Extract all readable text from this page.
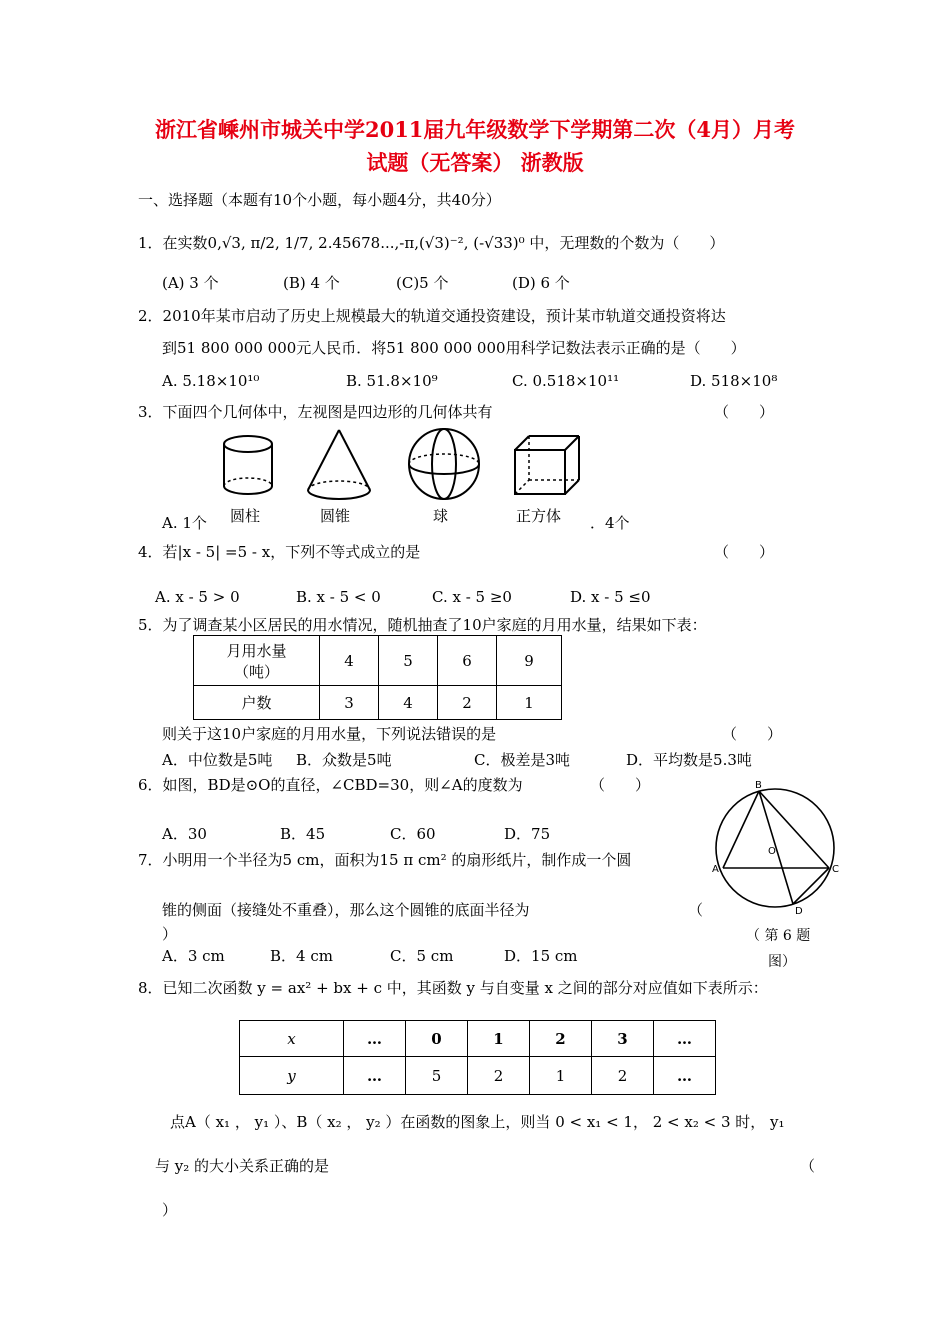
浙江省嵊州市城关中学2011届九年级数学下学期第二次（4月）月考
试题（无答案） 浙教版
一、选择题（本题有10个小题，每小题4分，共40分）
1．在实数0,√3, π/2, 1/7, 2.45678...,-π,(√3)⁻², (-√33)⁰ 中，无理数的个数为（　　）
(A) 3 个	(B) 4 个	(C)5 个	(D) 6 个
2．2010年某市启动了历史上规模最大的轨道交通投资建设，预计某市轨道交通投资将达
到51 800 000 000元人民币．将51 800 000 000用科学记数法表示正确的是（　　）
A. 5.18×10¹⁰	B. 51.8×10⁹	C. 0.518×10¹¹	D. 518×10⁸
3．下面四个几何体中，左视图是四边形的几何体共有	（　　）
圆柱	圆锥	球	正方体
A. 1个	．4个
4．若|x - 5| =5 - x，下列不等式成立的是	（　　）
A. x - 5 > 0	B. x - 5 < 0	C. x - 5 ≥0	D. x - 5 ≤0
5．为了调查某小区居民的用水情况，随机抽查了10户家庭的月用水量，结果如下表：
月用水量
（吨）	4	5	6	9
户数	3	4	2	1
则关于这10户家庭的月用水量，下列说法错误的是	（　　）
A．中位数是5吨 B．众数是5吨	C．极差是3吨	D．平均数是5.3吨
6．如图，BD是⊙O的直径，∠CBD=30，则∠A的度数为	（　　）
A．30	B．45	C．60	D．75
B
A
O
C
D
（ 第 6 题
图）
7．小明用一个半径为5 cm，面积为15 π cm² 的扇形纸片，制作成一个圆
锥的侧面（接缝处不重叠），那么这个圆锥的底面半径为	（
）
A．3 cm	B．4 cm	C．5 cm	D．15 cm
8．已知二次函数 y = ax² + bx + c 中，其函数 y 与自变量 x 之间的部分对应值如下表所示：
x	…	0	1	2	3	…
y	…	5	2	1	2	…
点A（ x₁ ， y₁ ）、B（ x₂ ， y₂ ）在函数的图象上，则当 0 < x₁ < 1， 2 < x₂ < 3 时， y₁
与 y₂ 的大小关系正确的是	（
）
